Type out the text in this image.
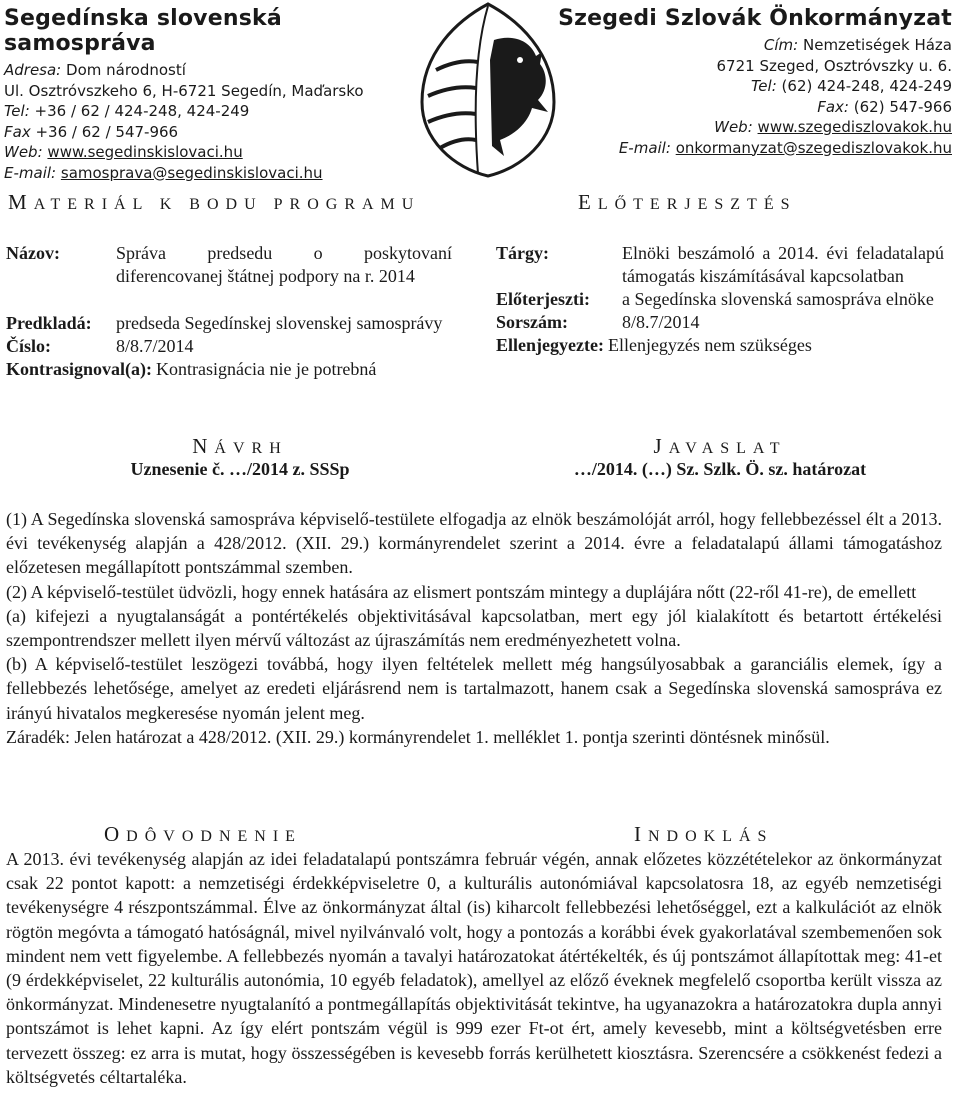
Segedínska slovenská samospráva
Adresa: Dom národností
Ul. Osztróvszkeho 6, H-6721 Segedín, Maďarsko
Tel: +36 / 62 / 424-248, 424-249
Fax +36 / 62 / 547-966
Web: www.segedinskislovaci.hu
E-mail: samosprava@segedinskislovaci.hu
Szegedi Szlovák Önkormányzat
Cím: Nemzetiségek Háza
6721 Szeged, Osztróvszky u. 6.
Tel: (62) 424-248, 424-249
Fax: (62) 547-966
Web: www.szegediszlovakok.hu
E-mail: onkormanyzat@szegediszlovakok.hu
MATERIÁL K BODU PROGRAMU	ELŐTERJESZTÉS
Názov:	Správa predsedu o poskytovaní diferencovanej štátnej podpory na r. 2014
Predkladá:	predseda Segedínskej slovenskej samosprávy
Číslo:	8/8.7/2014
Kontrasignoval(a): Kontrasignácia nie je potrebná
Tárgy:	Elnöki beszámoló a 2014. évi feladatalapú támogatás kiszámításával kapcsolatban
Előterjeszti:	a Segedínska slovenská samospráva elnöke
Sorszám:	8/8.7/2014
Ellenjegyezte: Ellenjegyzés nem szükséges
NÁVRH
Uznesenie č. …/2014 z. SSSp
JAVASLAT
…/2014. (…) Sz. Szlk. Ö. sz. határozat

(1) A Segedínska slovenská samospráva képviselő-testülete elfogadja az elnök beszámolóját arról, hogy fellebbezéssel élt a 2013. évi tevékenység alapján a 428/2012. (XII. 29.) kormányrendelet szerint a 2014. évre a feladatalapú állami támogatáshoz előzetesen megállapított pontszámmal szemben.

(2) A képviselő-testület üdvözli, hogy ennek hatására az elismert pontszám mintegy a duplájára nőtt (22-ről 41-re), de emellett

(a) kifejezi a nyugtalanságát a pontértékelés objektivitásával kapcsolatban, mert egy jól kialakított és betartott értékelési szempontrendszer mellett ilyen mérvű változást az újraszámítás nem eredményezhetett volna.

(b) A képviselő-testület leszögezi továbbá, hogy ilyen feltételek mellett még hangsúlyosabbak a garanciális elemek, így a fellebbezés lehetősége, amelyet az eredeti eljárásrend nem is tartalmazott, hanem csak a Segedínska slovenská samospráva ez irányú hivatalos megkeresése nyomán jelent meg.

Záradék: Jelen határozat a 428/2012. (XII. 29.) kormányrendelet 1. melléklet 1. pontja szerinti döntésnek minősül.

ODÔVODNENIE	INDOKLÁS

A 2013. évi tevékenység alapján az idei feladatalapú pontszámra február végén, annak előzetes közzétételekor az önkormányzat csak 22 pontot kapott: a nemzetiségi érdekképviseletre 0, a kulturális autonómiával kapcsolatosra 18, az egyéb nemzetiségi tevékenységre 4 részpontszámmal. Élve az önkormányzat által (is) kiharcolt fellebbezési lehetőséggel, ezt a kalkulációt az elnök rögtön megóvta a támogató hatóságnál, mivel nyilvánvaló volt, hogy a pontozás a korábbi évek gyakorlatával szembemenően sok mindent nem vett figyelembe. A fellebbezés nyomán a tavalyi határozatokat átértékelték, és új pontszámot állapítottak meg: 41-et (9 érdekképviselet, 22 kulturális autonómia, 10 egyéb feladatok), amellyel az előző éveknek megfelelő csoportba került vissza az önkormányzat. Mindenesetre nyugtalanító a pontmegállapítás objektivitását tekintve, ha ugyanazokra a határozatokra dupla annyi pontszámot is lehet kapni. Az így elért pontszám végül is 999 ezer Ft-ot ért, amely kevesebb, mint a költségvetésben erre tervezett összeg: ez arra is mutat, hogy összességében is kevesebb forrás kerülhetett kiosztásra. Szerencsére a csökkenést fedezi a költségvetés céltartaléka.
